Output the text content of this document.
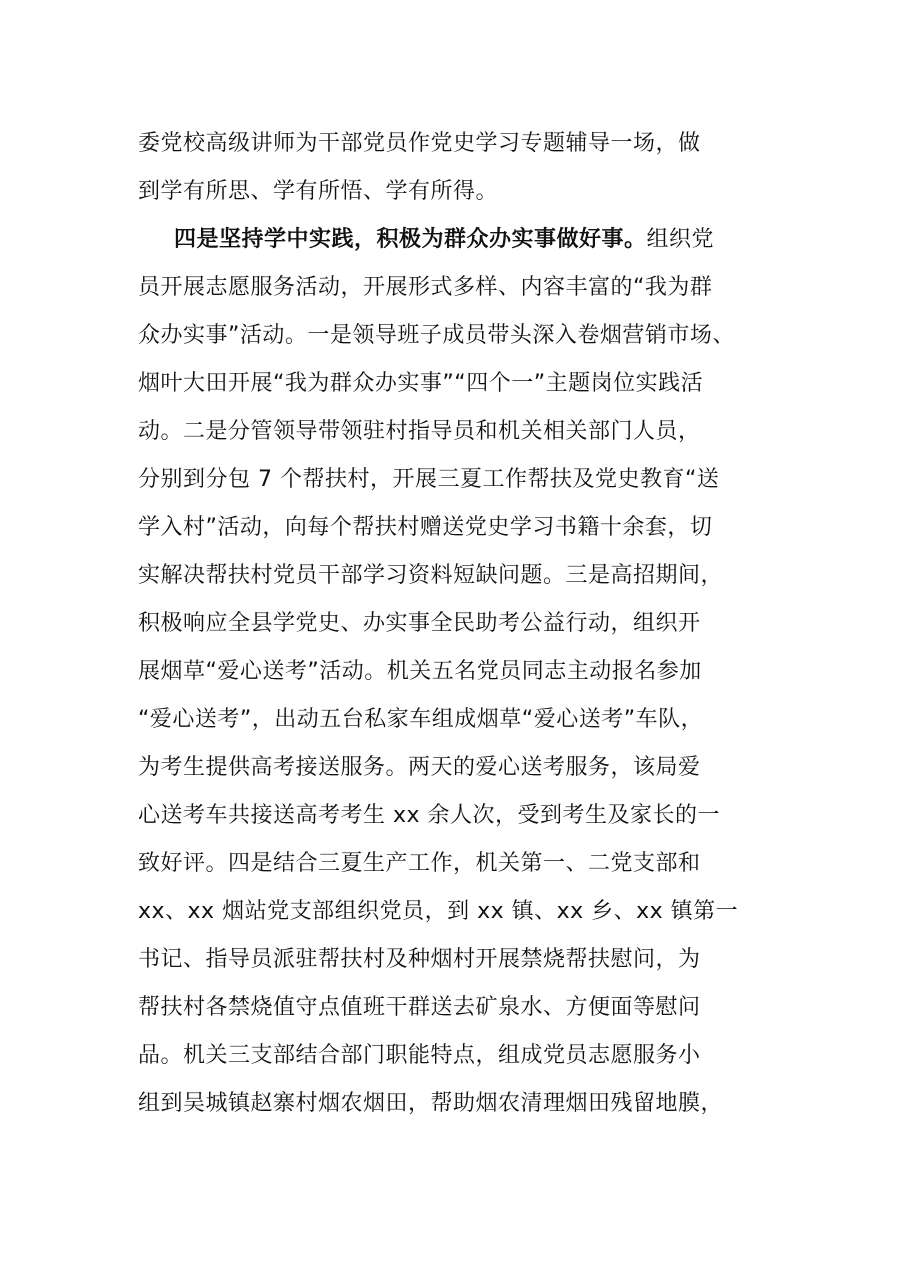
委党校高级讲师为干部党员作党史学习专题辅导一场，做
到学有所思、学有所悟、学有所得。
四是坚持学中实践，积极为群众办实事做好事。组织党
员开展志愿服务活动，开展形式多样、内容丰富的“我为群
众办实事”活动。一是领导班子成员带头深入卷烟营销市场、
烟叶大田开展“我为群众办实事”“四个一”主题岗位实践活
动。二是分管领导带领驻村指导员和机关相关部门人员，
分别到分包 7 个帮扶村，开展三夏工作帮扶及党史教育“送
学入村”活动，向每个帮扶村赠送党史学习书籍十余套，切
实解决帮扶村党员干部学习资料短缺问题。三是高招期间，
积极响应全县学党史、办实事全民助考公益行动，组织开
展烟草“爱心送考”活动。机关五名党员同志主动报名参加
“爱心送考”，出动五台私家车组成烟草“爱心送考”车队，
为考生提供高考接送服务。两天的爱心送考服务，该局爱
心送考车共接送高考考生 xx 余人次，受到考生及家长的一
致好评。四是结合三夏生产工作，机关第一、二党支部和
xx、xx 烟站党支部组织党员，到 xx 镇、xx 乡、xx 镇第一
书记、指导员派驻帮扶村及种烟村开展禁烧帮扶慰问，为
帮扶村各禁烧值守点值班干群送去矿泉水、方便面等慰问
品。机关三支部结合部门职能特点，组成党员志愿服务小
组到吴城镇赵寨村烟农烟田，帮助烟农清理烟田残留地膜，
